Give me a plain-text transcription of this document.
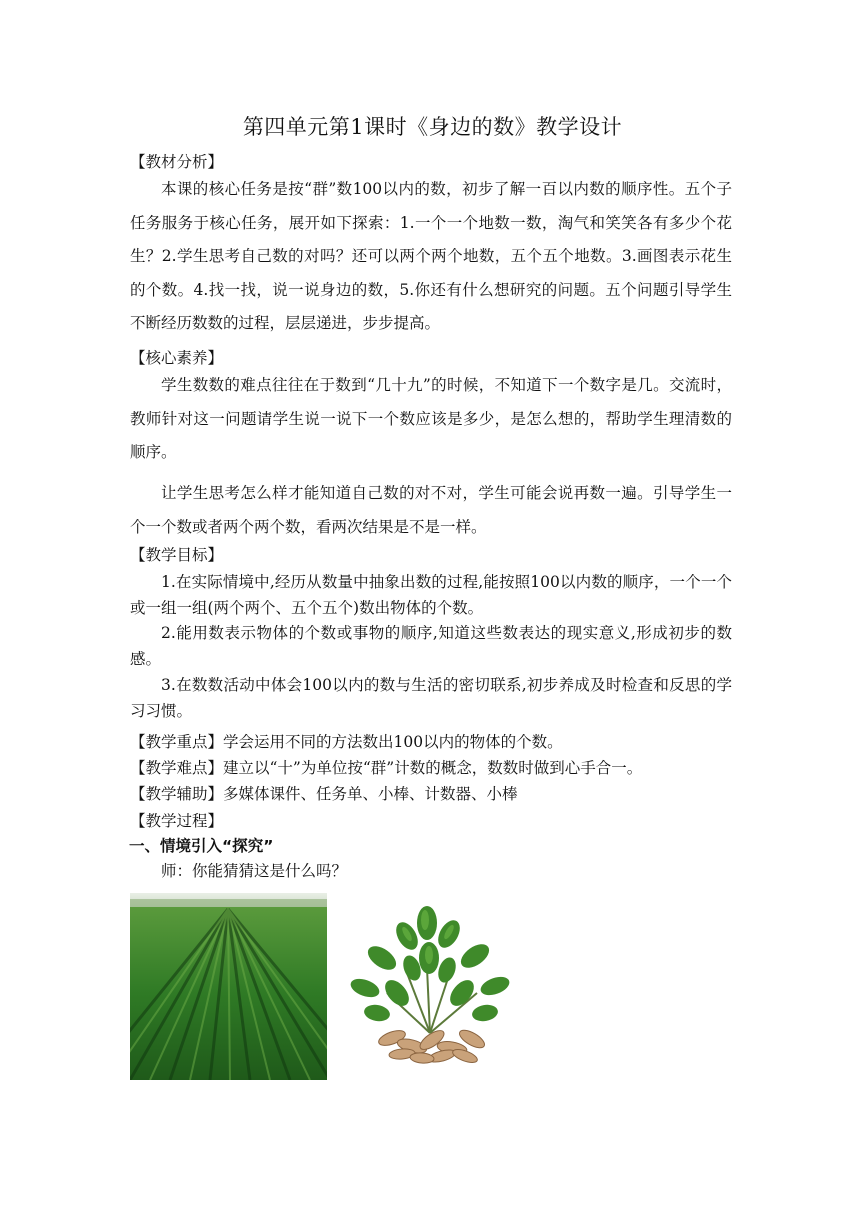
第四单元第1课时《身边的数》教学设计
【教材分析】
本课的核心任务是按“群”数100以内的数，初步了解一百以内数的顺序性。五个子任务服务于核心任务，展开如下探索：1.一个一个地数一数，淘气和笑笑各有多少个花生？2.学生思考自己数的对吗？还可以两个两个地数，五个五个地数。3.画图表示花生的个数。4.找一找，说一说身边的数，5.你还有什么想研究的问题。五个问题引导学生不断经历数数的过程，层层递进，步步提高。
【核心素养】
学生数数的难点往往在于数到“几十九”的时候，不知道下一个数字是几。交流时，教师针对这一问题请学生说一说下一个数应该是多少，是怎么想的，帮助学生理清数的顺序。
让学生思考怎么样才能知道自己数的对不对，学生可能会说再数一遍。引导学生一个一个数或者两个两个数，看两次结果是不是一样。
【教学目标】
1.在实际情境中,经历从数量中抽象出数的过程,能按照100以内数的顺序，一个一个或一组一组(两个两个、五个五个)数出物体的个数。
2.能用数表示物体的个数或事物的顺序,知道这些数表达的现实意义,形成初步的数感。
3.在数数活动中体会100以内的数与生活的密切联系,初步养成及时检查和反思的学习习惯。
【教学重点】学会运用不同的方法数出100以内的物体的个数。
【教学难点】建立以“十”为单位按“群”计数的概念，数数时做到心手合一。
【教学辅助】多媒体课件、任务单、小棒、计数器、小棒
【教学过程】
一、情境引入“探究”
师：你能猜猜这是什么吗？
